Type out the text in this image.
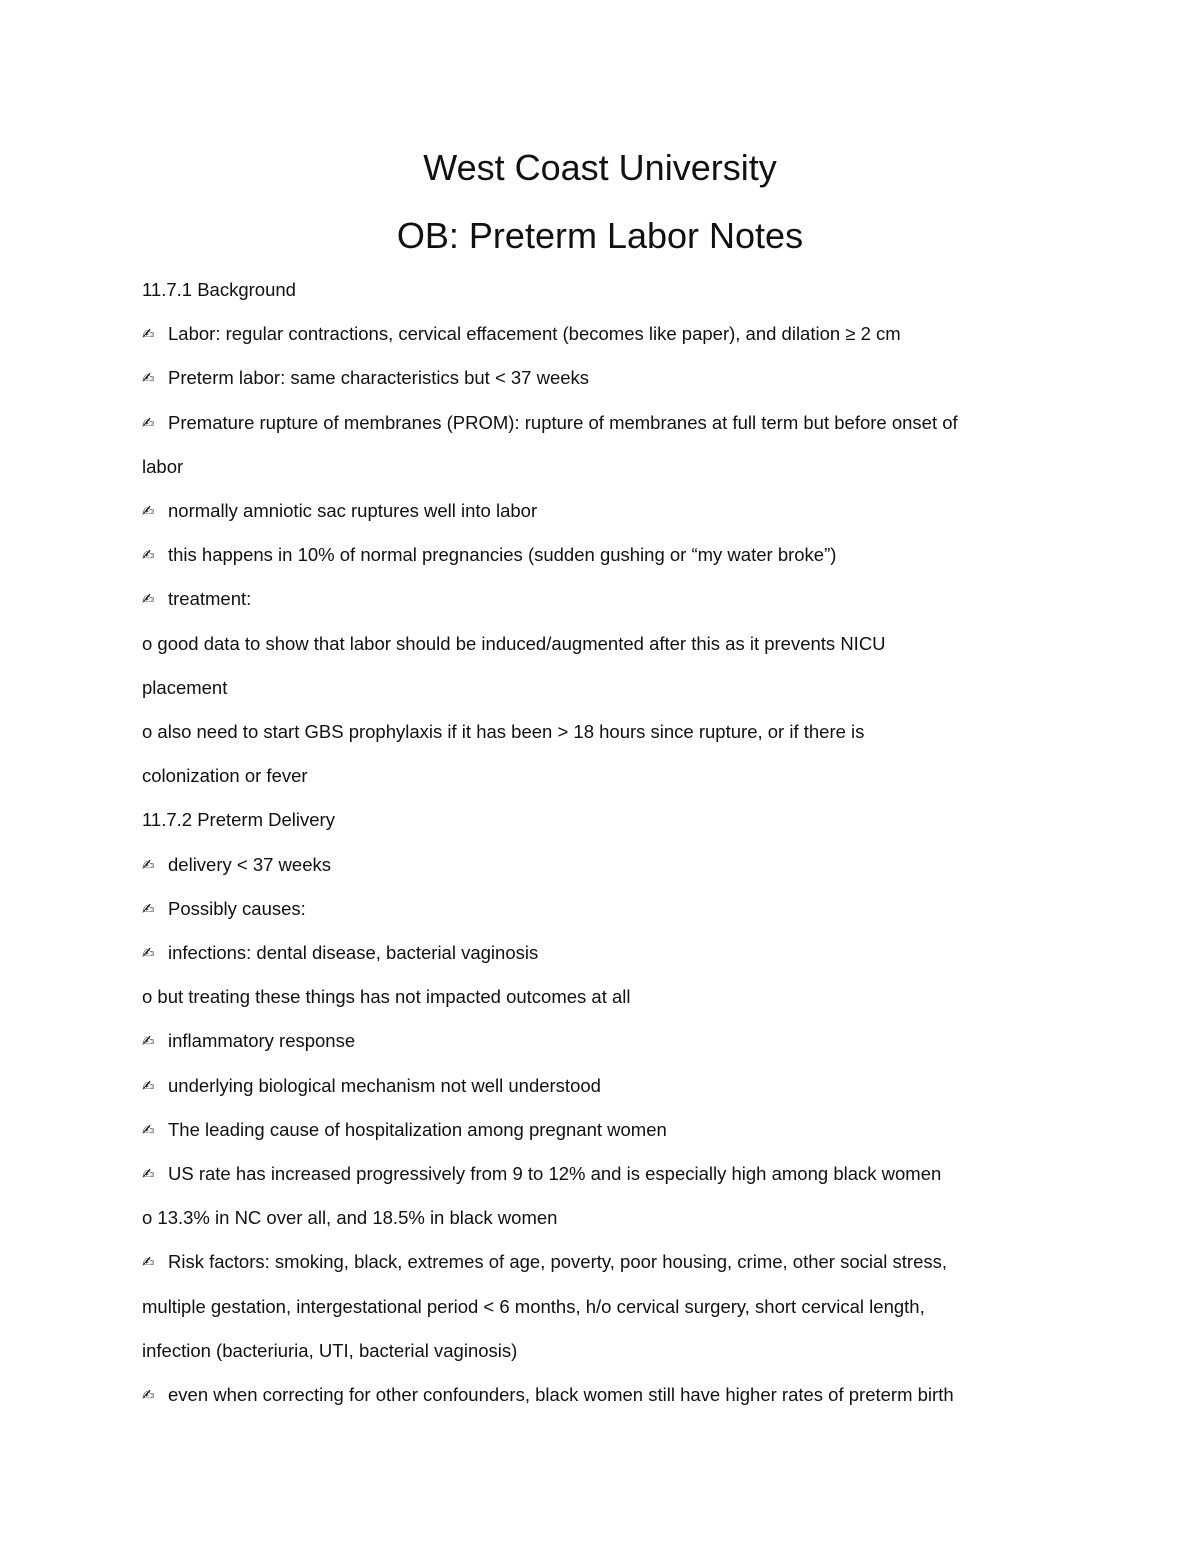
West Coast University
OB: Preterm Labor Notes
11.7.1 Background
✍ Labor: regular contractions, cervical effacement (becomes like paper), and dilation ≥ 2 cm
✍ Preterm labor: same characteristics but < 37 weeks
✍ Premature rupture of membranes (PROM): rupture of membranes at full term but before onset of
labor
✍ normally amniotic sac ruptures well into labor
✍ this happens in 10% of normal pregnancies (sudden gushing or “my water broke”)
✍ treatment:
o good data to show that labor should be induced/augmented after this as it prevents NICU
placement
o also need to start GBS prophylaxis if it has been > 18 hours since rupture, or if there is
colonization or fever
11.7.2 Preterm Delivery
✍ delivery < 37 weeks
✍ Possibly causes:
✍ infections: dental disease, bacterial vaginosis
o but treating these things has not impacted outcomes at all
✍ inflammatory response
✍ underlying biological mechanism not well understood
✍ The leading cause of hospitalization among pregnant women
✍ US rate has increased progressively from 9 to 12% and is especially high among black women
o 13.3% in NC over all, and 18.5% in black women
✍ Risk factors: smoking, black, extremes of age, poverty, poor housing, crime, other social stress,
multiple gestation, intergestational period < 6 months, h/o cervical surgery, short cervical length,
infection (bacteriuria, UTI, bacterial vaginosis)
✍ even when correcting for other confounders, black women still have higher rates of preterm birth
